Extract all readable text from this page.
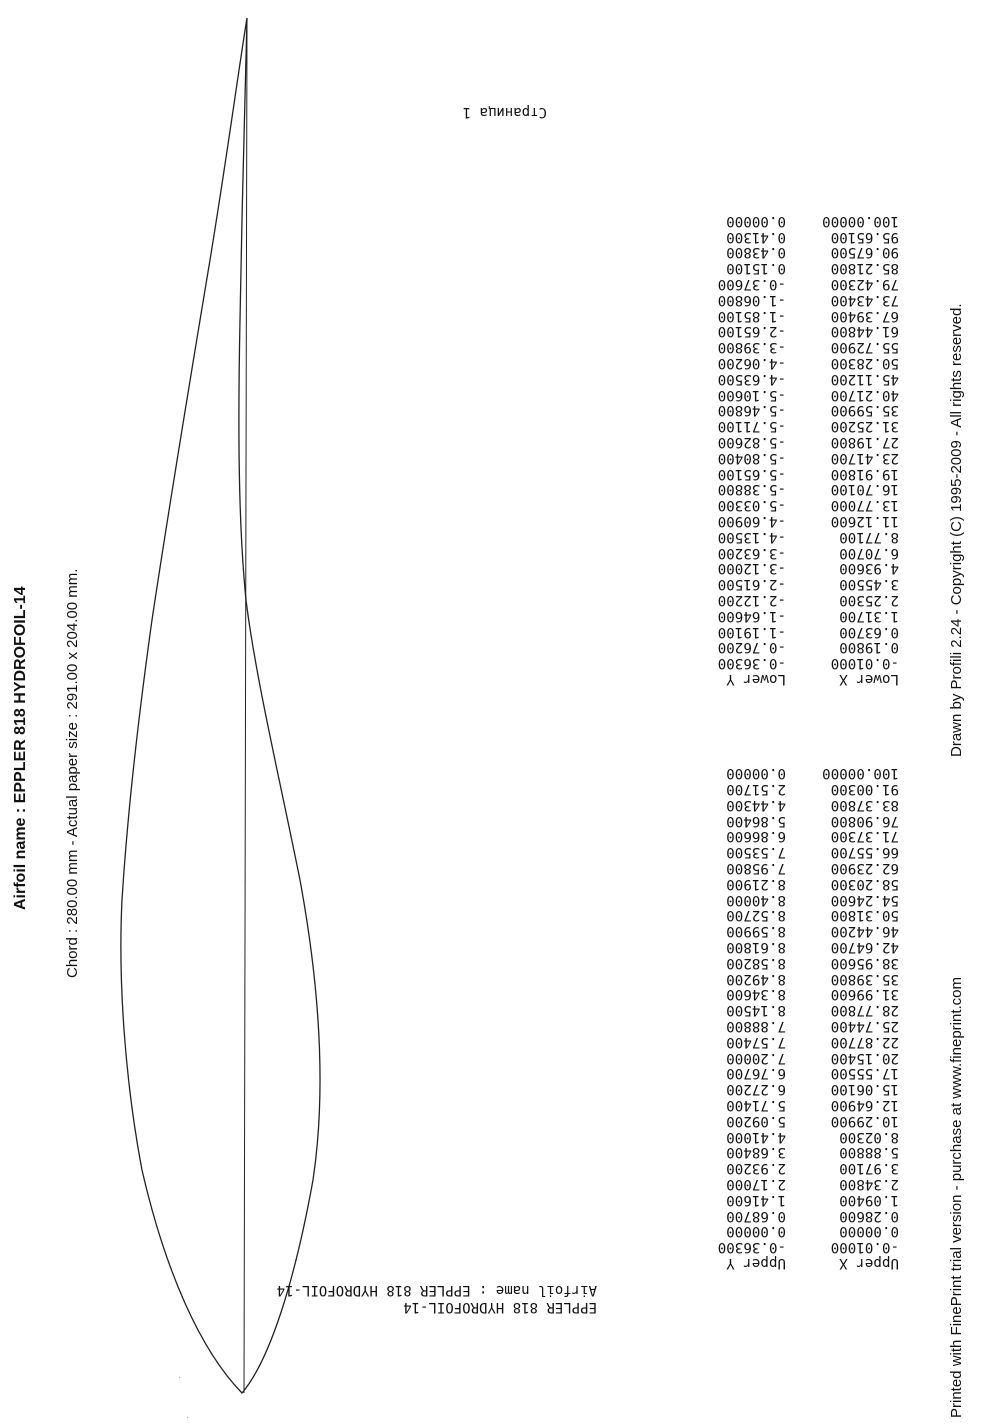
·
·
Airfoil name : EPPLER 818 HYDROFOIL-14 Chord : 280.00 mm - Actual paper size : 291.00 x 204.00 mm.
Drawn by Profili 2.24 - Copyright (C) 1995-2009 - All rights reserved.
Printed with FinePrint trial version - purchase at www.fineprint.com
Страница 1
EPPLER 818 HYDROFOIL-14
Airfoil name : EPPLER 818 HYDROFOIL-14
Upper X
Upper Y
-0.01000
-0.36300
0.00000
0.00000
0.28600
0.68700
1.09400
1.41600
2.34800
2.17000
3.97100
2.93200
5.88800
3.68400
8.02300
4.41000
10.29900
5.09200
12.64900
5.71400
15.06100
6.27200
17.55500
6.76700
20.15400
7.20000
22.87700
7.57400
25.74400
7.88800
28.77800
8.14500
31.99600
8.34600
35.39800
8.49200
38.95600
8.58200
42.64700
8.61800
46.44200
8.59900
50.31800
8.52700
54.24600
8.40000
58.20300
8.21900
62.23900
7.95800
66.55700
7.53500
71.37300
6.86600
76.90800
5.86400
83.37800
4.44300
91.00300
2.51700
100.00000
0.00000
Lower X
Lower Y
-0.01000
-0.36300
0.19800
-0.76200
0.63700
-1.19100
1.31700
-1.64600
2.25300
-2.12200
3.45500
-2.61500
4.93600
-3.12000
6.70700
-3.63200
8.77100
-4.13500
11.12600
-4.60900
13.77000
-5.03300
16.70100
-5.38800
19.91800
-5.65100
23.41700
-5.80400
27.19800
-5.82600
31.25200
-5.71100
35.59900
-5.46800
40.21700
-5.10600
45.11200
-4.63500
50.28300
-4.06200
55.72900
-3.39800
61.44800
-2.65100
67.39400
-1.85100
73.43400
-1.06800
79.42300
-0.37600
85.21800
0.15100
90.67500
0.43800
95.65100
0.41300
100.00000
0.00000
